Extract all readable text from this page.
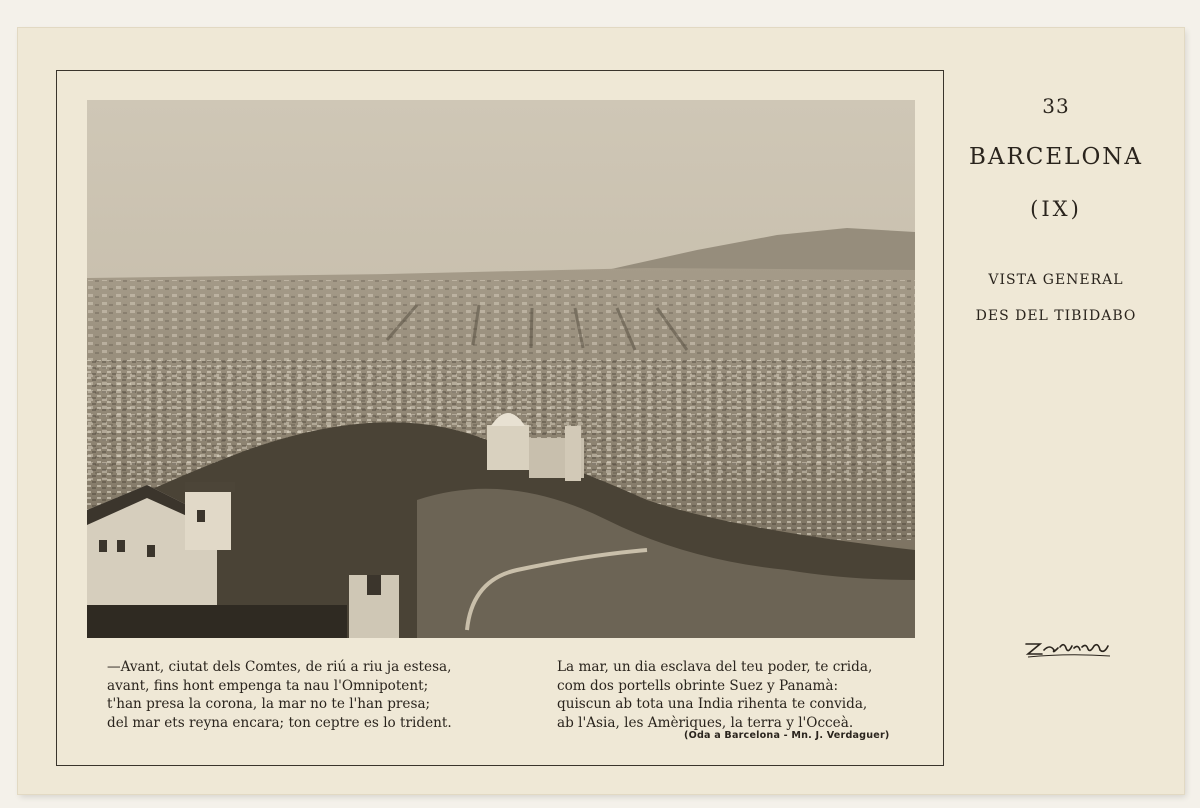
—Avant, ciutat dels Comtes, de riú a riu ja estesa,
avant, fins hont empenga ta nau l'Omnipotent;
t'han presa la corona, la mar no te l'han presa;
del mar ets reyna encara; ton ceptre es lo trident.
La mar, un dia esclava del teu poder, te crida,
com dos portells obrinte Suez y Panamà:
quiscun ab tota una India rihenta te convida,
ab l'Asia, les Amèriques, la terra y l'Occeà.
(Oda a Barcelona - Mn. J. Verdaguer)
33
BARCELONA
(IX)
VISTA GENERAL
DES DEL TIBIDABO
